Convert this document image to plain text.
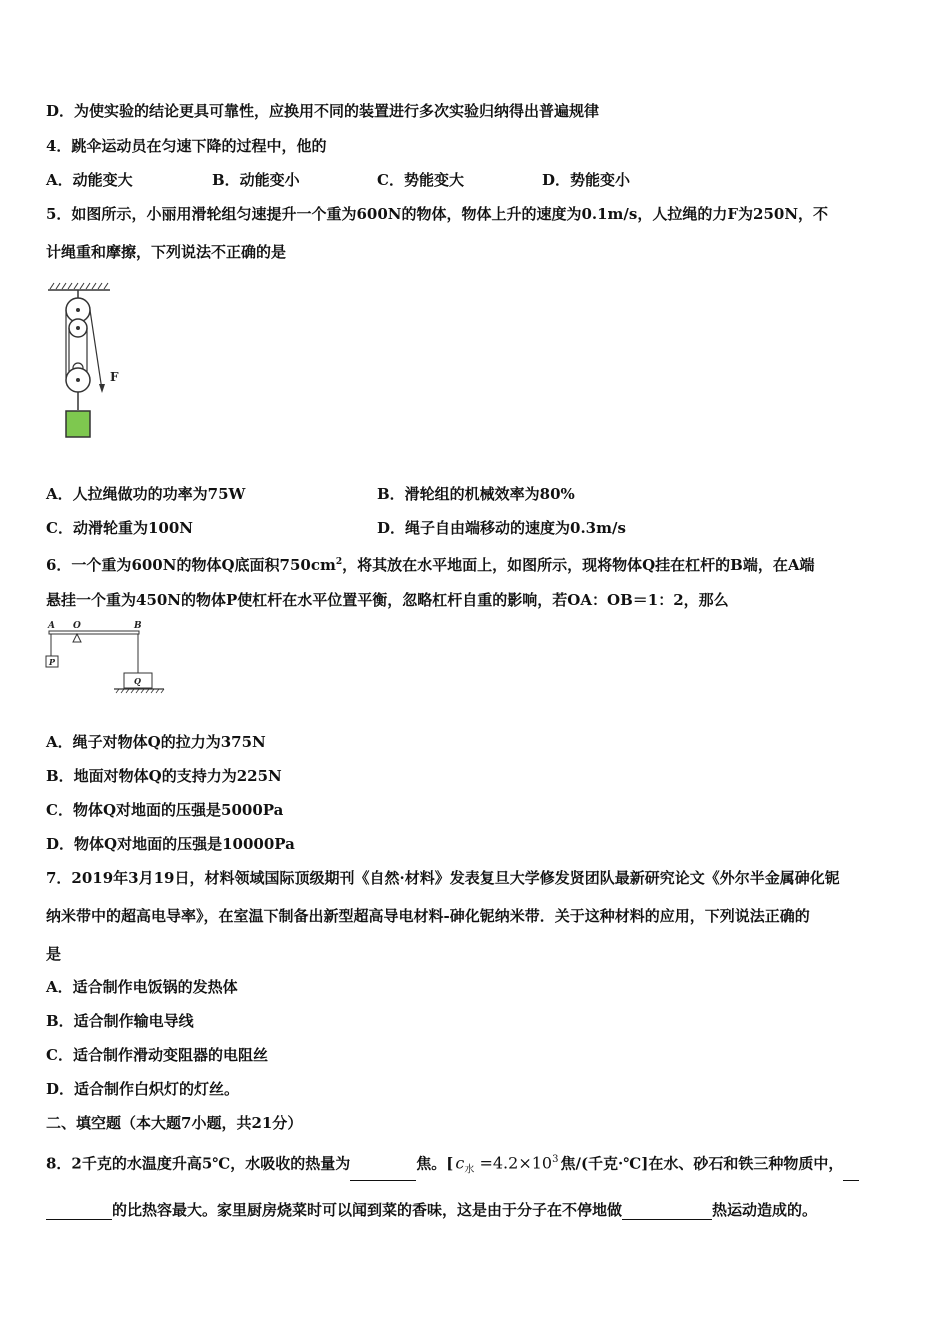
D．为使实验的结论更具可靠性，应换用不同的装置进行多次实验归纳得出普遍规律
4．跳伞运动员在匀速下降的过程中，他的
A．动能变大	B．动能变小	C．势能变大	D．势能变小
5．如图所示，小丽用滑轮组匀速提升一个重为600N的物体，物体上升的速度为0.1m/s，人拉绳的力F为250N，不
计绳重和摩擦，下列说法不正确的是
F
A．人拉绳做功的功率为75W	B．滑轮组的机械效率为80%
C．动滑轮重为100N	D．绳子自由端移动的速度为0.3m/s
6．一个重为600N的物体Q底面积$750cm^2$，将其放在水平地面上，如图所示，现将物体Q挂在杠杆的B端，在A端
悬挂一个重为450N的物体P使杠杆在水平位置平衡，忽略杠杆自重的影响，若OA：OB＝1：2，那么
A O	B
P
Q
A．绳子对物体Q的拉力为375N
B．地面对物体Q的支持力为225N
C．物体Q对地面的压强是5000Pa
D．物体Q对地面的压强是10000Pa
7．2019年3月19日，材料领域国际顶级期刊《自然·材料》发表复旦大学修发贤团队最新研究论文《外尔半金属砷化铌
纳米带中的超高电导率》，在室温下制备出新型超高导电材料-砷化铌纳米带．关于这种材料的应用，下列说法正确的
是
A．适合制作电饭锅的发热体
B．适合制作输电导线
C．适合制作滑动变阻器的电阻丝
D．适合制作白炽灯的灯丝。
二、填空题（本大题7小题，共21分）
8．2千克的水温度升高5℃，水吸收的热量为	焦。[ $c_水 =4.2\times 10^3$ 焦/(千克·℃]在水、砂石和铁三种物质中，
的比热容最大。家里厨房烧菜时可以闻到菜的香味，这是由于分子在不停地做	热运动造成的。
